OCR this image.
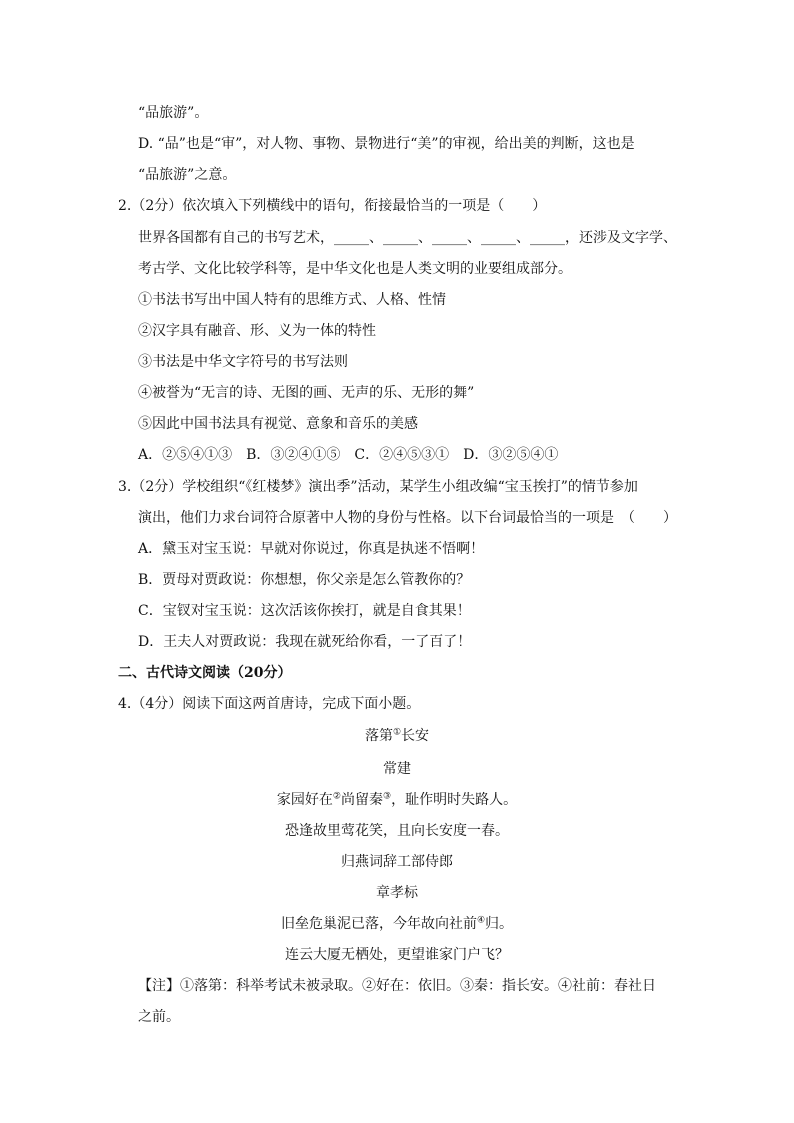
“品旅游”。
D. “品”也是“审”，对人物、事物、景物进行“美”的审视，给出美的判断，这也是
“品旅游”之意。
2.（2分）依次填入下列横线中的语句，衔接最恰当的一项是（　　）
世界各国都有自己的书写艺术，_____、_____、_____、_____、_____，还涉及文字学、
考古学、文化比较学科等，是中华文化也是人类文明的业要组成部分。
①书法书写出中国人特有的思维方式、人格、性情
②汉字具有融音、形、义为一体的特性
③书法是中华文字符号的书写法则
④被誉为“无言的诗、无图的画、无声的乐、无形的舞”
⑤因此中国书法具有视觉、意象和音乐的美感
A．②⑤④①③　B．③②④①⑤　C．②④⑤③①　D．③②⑤④①
3.（2分）学校组织“《红楼梦》演出季”活动，某学生小组改编“宝玉挨打”的情节参加
演出，他们力求台词符合原著中人物的身份与性格。以下台词最恰当的一项是　（　　）
A．黛玉对宝玉说：早就对你说过，你真是执迷不悟啊！
B．贾母对贾政说：你想想，你父亲是怎么管教你的？
C．宝钗对宝玉说：这次活该你挨打，就是自食其果！
D．王夫人对贾政说：我现在就死给你看，一了百了！
二、古代诗文阅读（20分）
4.（4分）阅读下面这两首唐诗，完成下面小题。
落第①长安
常建
家园好在②尚留秦③，耻作明时失路人。
恐逢故里莺花笑，且向长安度一春。
归燕词辞工部侍郎
章孝标
旧垒危巢泥已落，今年故向社前④归。
连云大厦无栖处，更望谁家门户飞？
【注】①落第：科举考试未被录取。②好在：依旧。③秦：指长安。④社前：春社日
之前。
